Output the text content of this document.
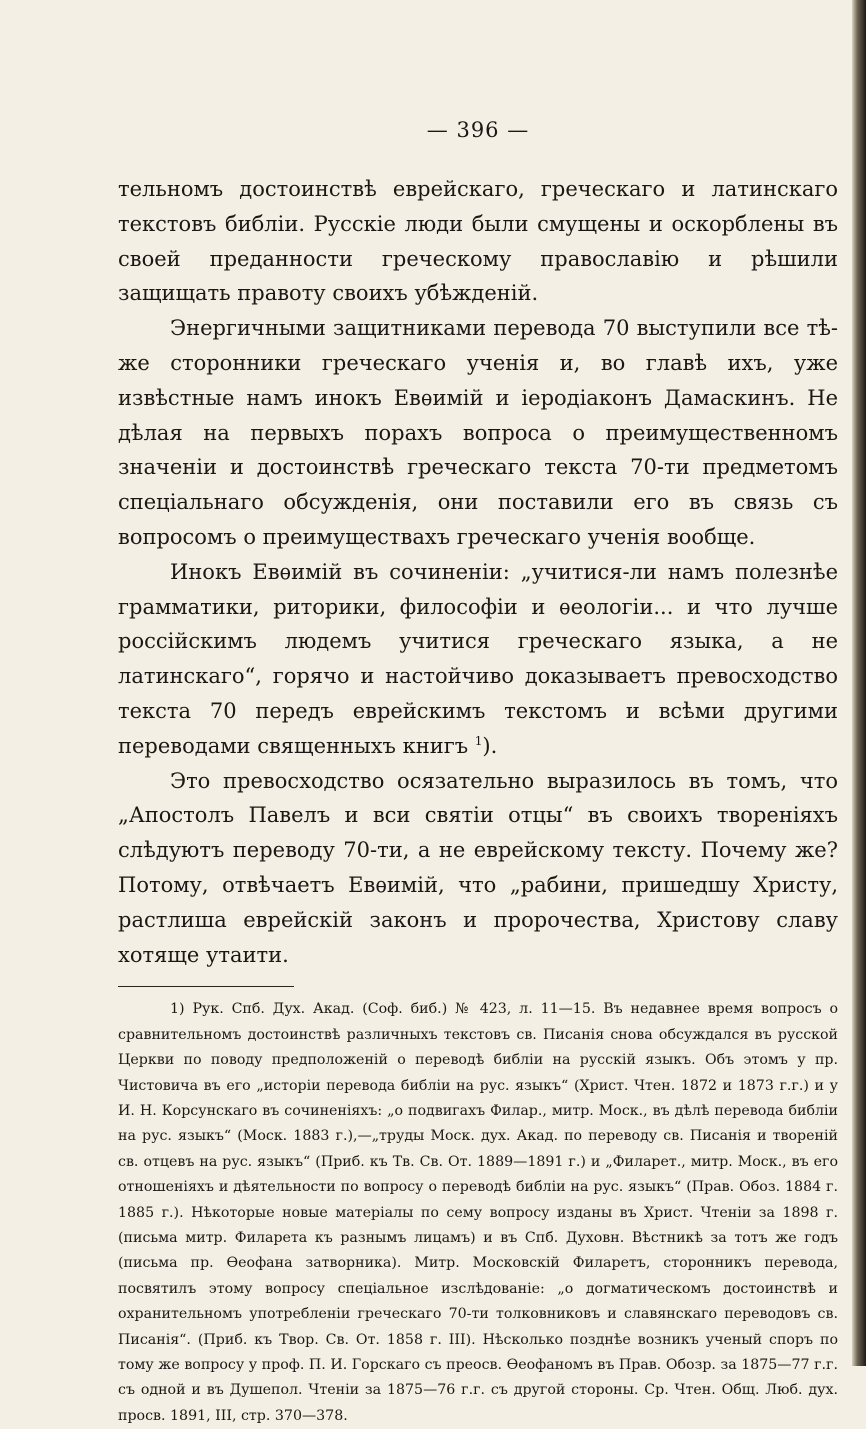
— 396 —

тельномъ достоинствѣ еврейскаго, греческаго и латинскаго текстовъ библіи. Русскіе люди были смущены и оскорблены въ своей преданности греческому православію и рѣшили защищать правоту своихъ убѣжденій.

Энергичными защитниками перевода 70 выступили все тѣ-же сторонники греческаго ученія и, во главѣ ихъ, уже извѣстные намъ инокъ Евѳимій и іеродіаконъ Дамаскинъ. Не дѣлая на первыхъ порахъ вопроса о преимущественномъ значеніи и достоинствѣ греческаго текста 70-ти предметомъ спеціальнаго обсужденія, они поставили его въ связь съ вопросомъ о преимуществахъ греческаго ученія вообще.

Инокъ Евѳимій въ сочиненіи: „учитися-ли намъ полезнѣе грамматики, риторики, философіи и ѳеологіи... и что лучше россійскимъ людемъ учитися греческаго языка, а не латинскаго“, горячо и настойчиво доказываетъ превосходство текста 70 передъ еврейскимъ текстомъ и всѣми другими переводами священныхъ книгъ $^1$).

Это превосходство осязательно выразилось въ томъ, что „Апостолъ Павелъ и вси святіи отцы“ въ своихъ твореніяхъ слѣдуютъ переводу 70-ти, а не еврейскому тексту. Почему же? Потому, отвѣчаетъ Евѳимій, что „рабини, пришедшу Христу, растлиша еврейскій законъ и пророчества, Христову славу хотяще утаити.

1) Рук. Спб. Дух. Акад. (Соф. биб.) № 423, л. 11—15. Въ недавнее время вопросъ о сравнительномъ достоинствѣ различныхъ текстовъ св. Писанія снова обсуждался въ русской Церкви по поводу предположеній о переводѣ библіи на русскій языкъ. Объ этомъ у пр. Чистовича въ его „исторіи перевода библіи на рус. языкъ“ (Христ. Чтен. 1872 и 1873 г.г.) и у И. Н. Корсунскаго въ сочиненіяхъ: „о подвигахъ Филар., митр. Моск., въ дѣлѣ перевода библіи на рус. языкъ“ (Моск. 1883 г.),—„труды Моск. дух. Акад. по переводу св. Писанія и твореній св. отцевъ на рус. языкъ“ (Приб. къ Тв. Св. От. 1889—1891 г.) и „Филарет., митр. Моск., въ его отношеніяхъ и дѣятельности по вопросу о переводѣ библіи на рус. языкъ“ (Прав. Обоз. 1884 г. 1885 г.). Нѣкоторые новые матеріалы по сему вопросу изданы въ Христ. Чтеніи за 1898 г. (письма митр. Филарета къ разнымъ лицамъ) и въ Спб. Духовн. Вѣстникѣ за тотъ же годъ (письма пр. Ѳеофана затворника). Митр. Московскій Филаретъ, сторонникъ перевода, посвятилъ этому вопросу спеціальное изслѣдованіе: „о догматическомъ достоинствѣ и охранительномъ употребленіи греческаго 70-ти толковниковъ и славянскаго переводовъ св. Писанія“. (Приб. къ Твор. Св. От. 1858 г. III). Нѣсколько позднѣе возникъ ученый споръ по тому же вопросу у проф. П. И. Горскаго съ преосв. Ѳеофаномъ въ Прав. Обозр. за 1875—77 г.г. съ одной и въ Душепол. Чтеніи за 1875—76 г.г. съ другой стороны. Ср. Чтен. Общ. Люб. дух. просв. 1891, III, стр. 370—378.
